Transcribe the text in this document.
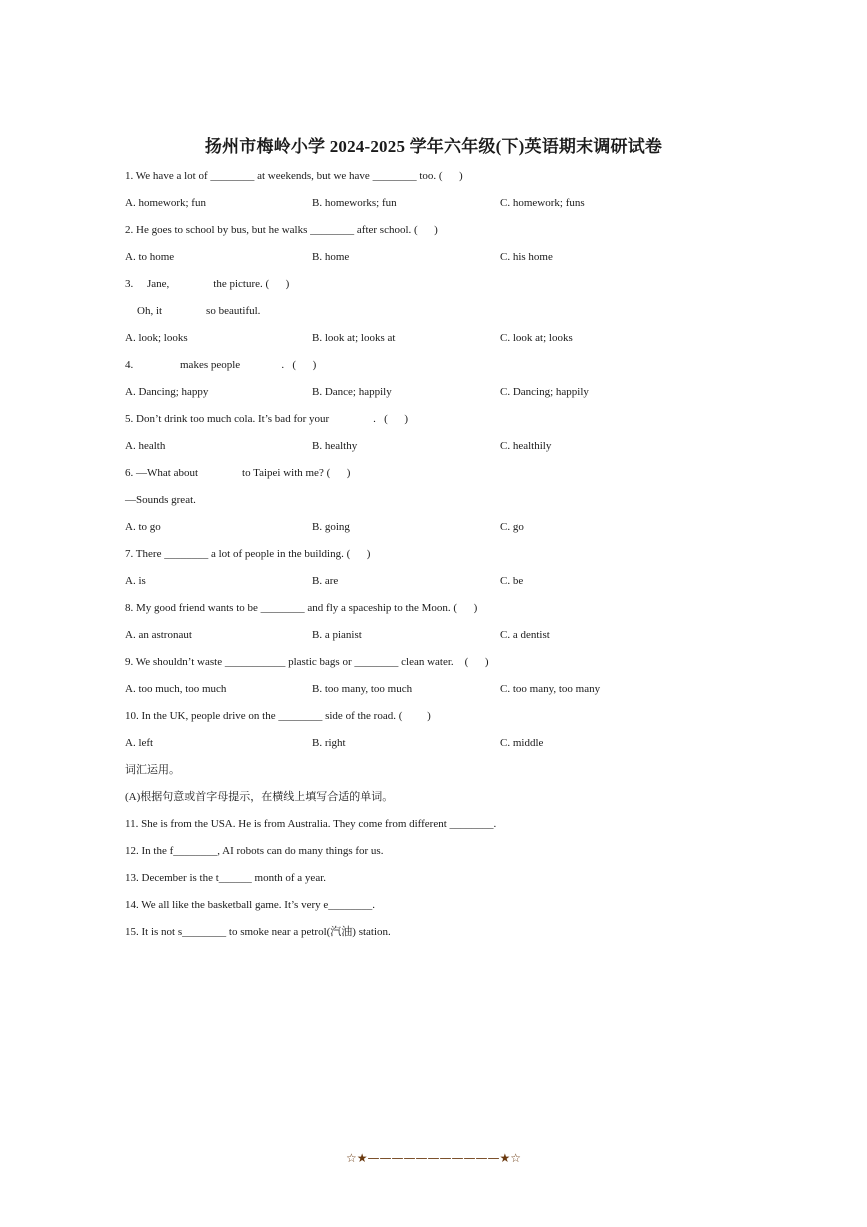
扬州市梅岭小学 2024-2025 学年六年级(下)英语期末调研试卷
1. We have a lot of ________ at weekends, but we have ________ too. (      )
A. homework; fun	B. homeworks; fun	C. homework; funs
2. He goes to school by bus, but he walks ________ after school. (      )
A. to home	B. home	C. his home
3.     Jane,                the picture. (      )
Oh, it                so beautiful.
A. look; looks	B. look at; looks at	C. look at; looks
4.                 makes people               .   (      )
A. Dancing; happy	B. Dance; happily	C. Dancing; happily
5. Don’t drink too much cola. It’s bad for your                .   (      )
A. health	B. healthy	C. healthily
6. —What about                to Taipei with me? (      )
—Sounds great.
A. to go	B. going	C. go
7. There ________ a lot of people in the building. (      )
A. is	B. are	C. be
8. My good friend wants to be ________ and fly a spaceship to the Moon. (      )
A. an astronaut	B. a pianist	C. a dentist
9. We shouldn’t waste ___________ plastic bags or ________ clean water.    (      )
A. too much, too much	B. too many, too much	C. too many, too many
10. In the UK, people drive on the ________ side of the road. (         )
A. left	B. right	C. middle
词汇运用。
(A)根据句意或首字母提示，在横线上填写合适的单词。
11. She is from the USA. He is from Australia. They come from different ________.
12. In the f________, AI robots can do many things for us.
13. December is the t______ month of a year.
14. We all like the basketball game. It’s very e________.
15. It is not s________ to smoke near a petrol(汽油) station.
☆★———————————★☆
